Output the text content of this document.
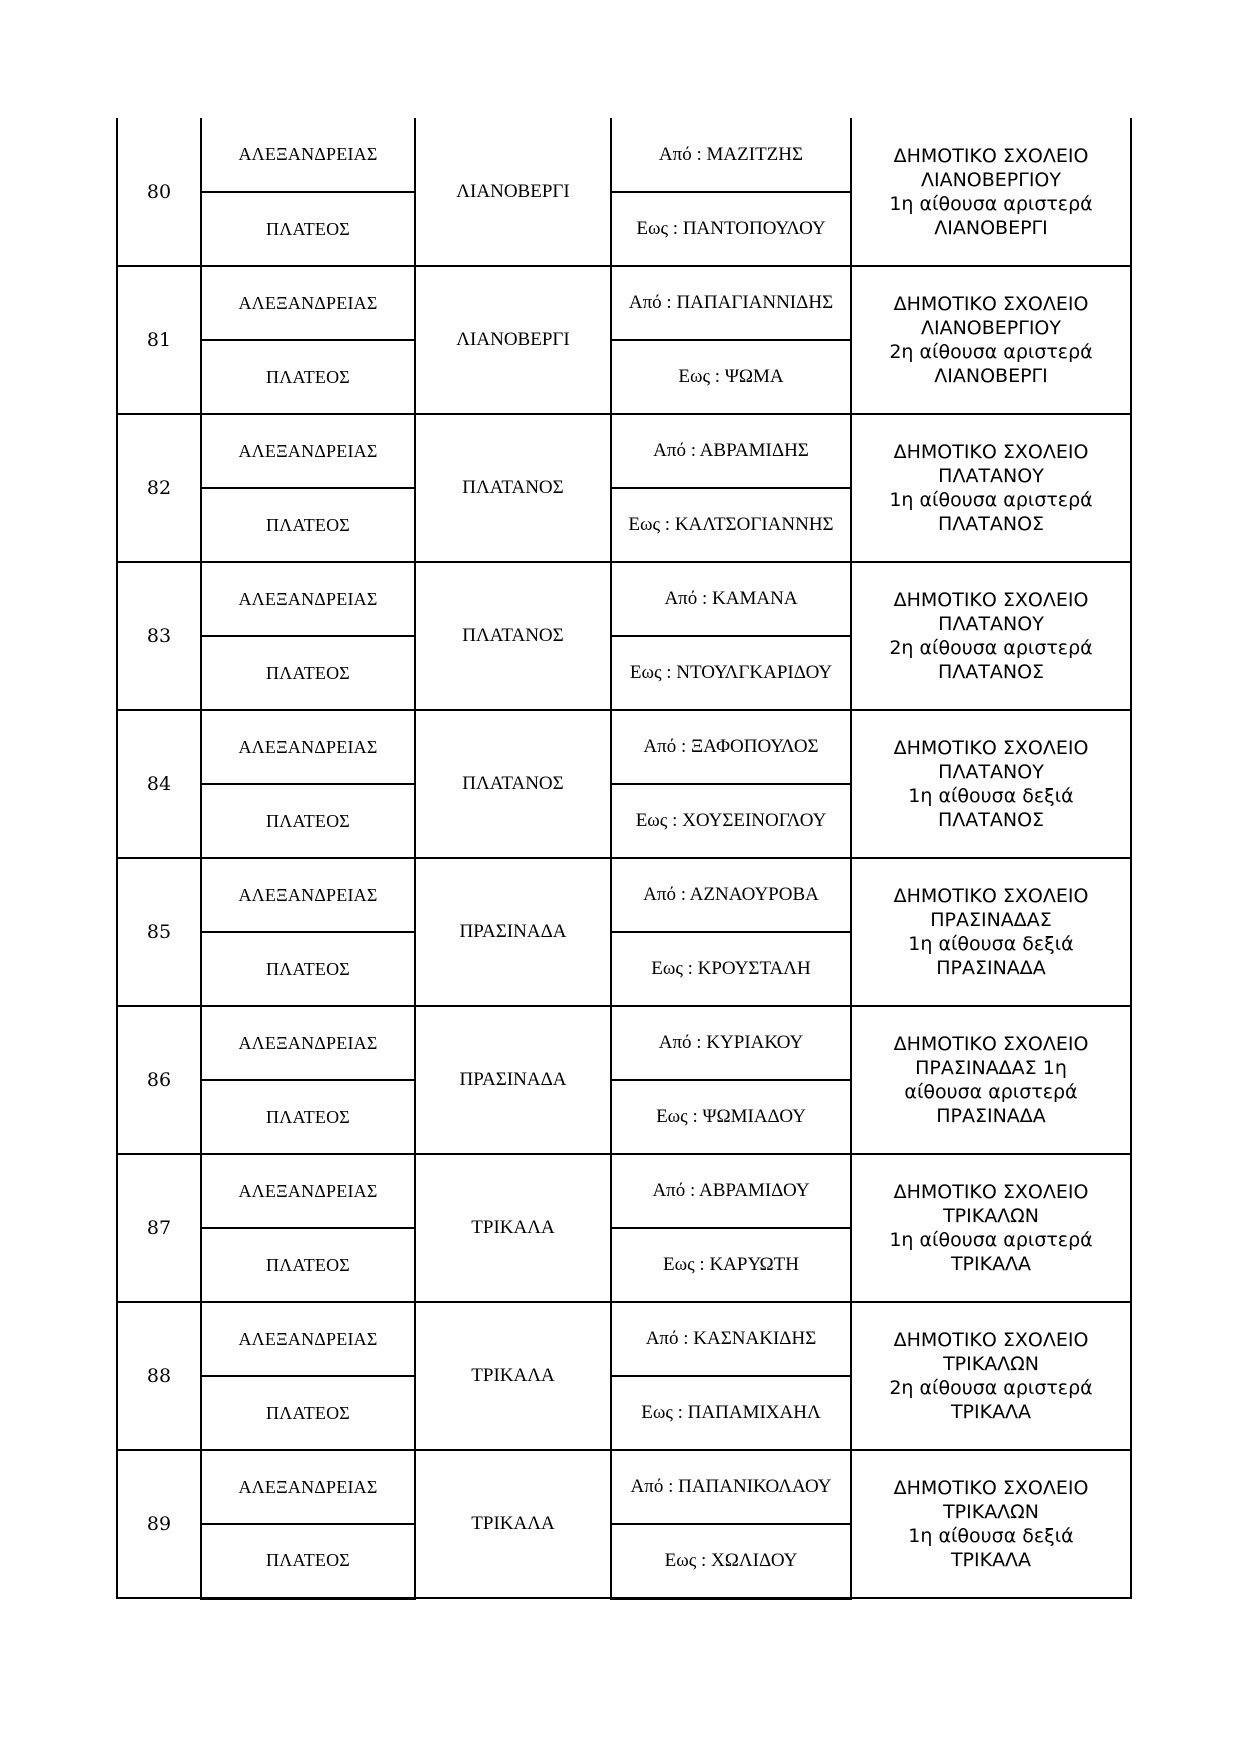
80	ΑΛΕΞΑΝΔΡΕΙΑΣ	ΛΙΑΝΟΒΕΡΓΙ	Από : ΜΑΖΙΤΖΗΣ	ΔΗΜΟΤΙΚΟ ΣΧΟΛΕΙΟ
ΛΙΑΝΟΒΕΡΓΙΟΥ
1η αίθουσα αριστερά
ΛΙΑΝΟΒΕΡΓΙ

	ΠΛΑΤΕΟΣ		Εως : ΠΑΝΤΟΠΟΥΛΟΥ	
81	ΑΛΕΞΑΝΔΡΕΙΑΣ	ΛΙΑΝΟΒΕΡΓΙ	Από : ΠΑΠΑΓΙΑΝΝΙΔΗΣ	ΔΗΜΟΤΙΚΟ ΣΧΟΛΕΙΟ
ΛΙΑΝΟΒΕΡΓΙΟΥ
2η αίθουσα αριστερά
ΛΙΑΝΟΒΕΡΓΙ

	ΠΛΑΤΕΟΣ		Εως : ΨΩΜΑ	
82	ΑΛΕΞΑΝΔΡΕΙΑΣ	ΠΛΑΤΑΝΟΣ	Από : ΑΒΡΑΜΙΔΗΣ	ΔΗΜΟΤΙΚΟ ΣΧΟΛΕΙΟ
ΠΛΑΤΑΝΟΥ
1η αίθουσα αριστερά
ΠΛΑΤΑΝΟΣ

	ΠΛΑΤΕΟΣ		Εως : ΚΑΛΤΣΟΓΙΑΝΝΗΣ	
83	ΑΛΕΞΑΝΔΡΕΙΑΣ	ΠΛΑΤΑΝΟΣ	Από : ΚΑΜΑΝΑ	ΔΗΜΟΤΙΚΟ ΣΧΟΛΕΙΟ
ΠΛΑΤΑΝΟΥ
2η αίθουσα αριστερά
ΠΛΑΤΑΝΟΣ

	ΠΛΑΤΕΟΣ		Εως : ΝΤΟΥΛΓΚΑΡΙΔΟΥ	
84	ΑΛΕΞΑΝΔΡΕΙΑΣ	ΠΛΑΤΑΝΟΣ	Από : ΞΑΦΟΠΟΥΛΟΣ	ΔΗΜΟΤΙΚΟ ΣΧΟΛΕΙΟ
ΠΛΑΤΑΝΟΥ
1η αίθουσα δεξιά
ΠΛΑΤΑΝΟΣ

	ΠΛΑΤΕΟΣ		Εως : ΧΟΥΣΕΙΝΟΓΛΟΥ	
85	ΑΛΕΞΑΝΔΡΕΙΑΣ	ΠΡΑΣΙΝΑΔΑ	Από : ΑΖΝΑΟΥΡΟΒΑ	ΔΗΜΟΤΙΚΟ ΣΧΟΛΕΙΟ
ΠΡΑΣΙΝΑΔΑΣ
1η αίθουσα δεξιά
ΠΡΑΣΙΝΑΔΑ

	ΠΛΑΤΕΟΣ		Εως : ΚΡΟΥΣΤΑΛΗ	
86	ΑΛΕΞΑΝΔΡΕΙΑΣ	ΠΡΑΣΙΝΑΔΑ	Από : ΚΥΡΙΑΚΟΥ	ΔΗΜΟΤΙΚΟ ΣΧΟΛΕΙΟ
ΠΡΑΣΙΝΑΔΑΣ 1η
αίθουσα αριστερά
ΠΡΑΣΙΝΑΔΑ

	ΠΛΑΤΕΟΣ		Εως : ΨΩΜΙΑΔΟΥ	
87	ΑΛΕΞΑΝΔΡΕΙΑΣ	ΤΡΙΚΑΛΑ	Από : ΑΒΡΑΜΙΔΟΥ	ΔΗΜΟΤΙΚΟ ΣΧΟΛΕΙΟ
ΤΡΙΚΑΛΩΝ
1η αίθουσα αριστερά
ΤΡΙΚΑΛΑ

	ΠΛΑΤΕΟΣ		Εως : ΚΑΡΥΩΤΗ	
88	ΑΛΕΞΑΝΔΡΕΙΑΣ	ΤΡΙΚΑΛΑ	Από : ΚΑΣΝΑΚΙΔΗΣ	ΔΗΜΟΤΙΚΟ ΣΧΟΛΕΙΟ
ΤΡΙΚΑΛΩΝ
2η αίθουσα αριστερά
ΤΡΙΚΑΛΑ

	ΠΛΑΤΕΟΣ		Εως : ΠΑΠΑΜΙΧΑΗΛ	
89	ΑΛΕΞΑΝΔΡΕΙΑΣ	ΤΡΙΚΑΛΑ	Από : ΠΑΠΑΝΙΚΟΛΑΟΥ	ΔΗΜΟΤΙΚΟ ΣΧΟΛΕΙΟ
ΤΡΙΚΑΛΩΝ
1η αίθουσα δεξιά
ΤΡΙΚΑΛΑ

	ΠΛΑΤΕΟΣ		Εως : ΧΩΛΙΔΟΥ	
